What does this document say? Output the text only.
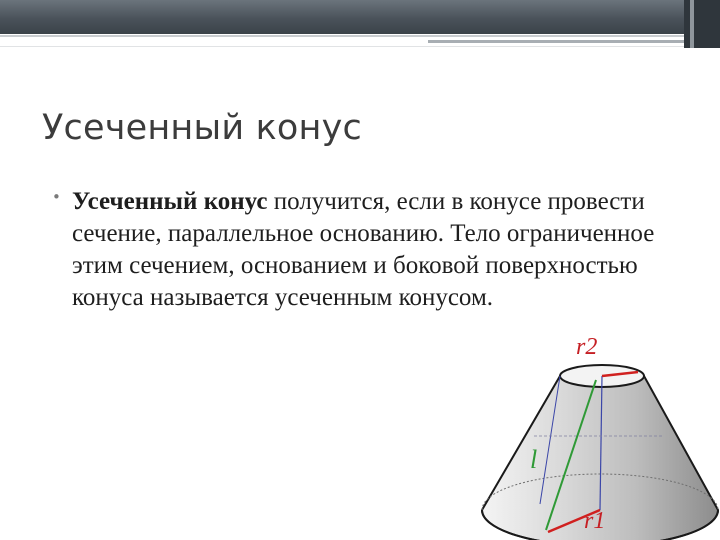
Усеченный конус
• Усеченный конус получится, если в конусе провести сечение, параллельное основанию. Тело ограниченное этим сечением, основанием и боковой поверхностью конуса называется усеченным конусом.

r2
r1
l
